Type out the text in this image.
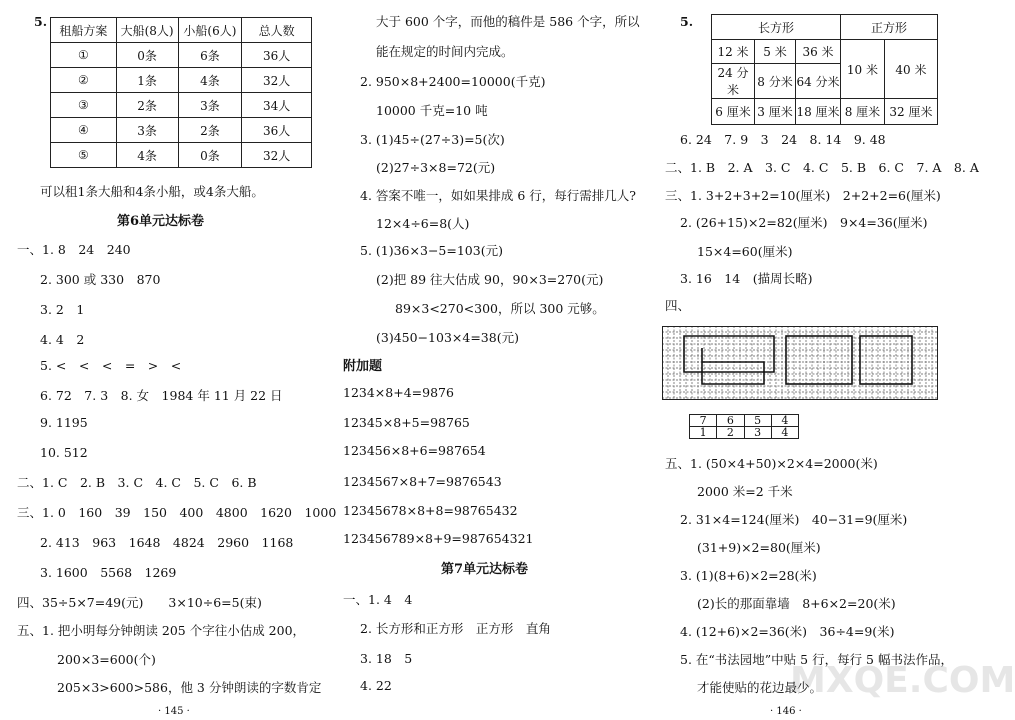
MXQE.COM
5.
租船方案	大船(8人)	小船(6人)	总人数
①	0条	6条	36人
②	1条	4条	32人
③	2条	3条	34人
④	3条	2条	36人
⑤	4条	0条	32人
可以租1条大船和4条小船，或4条大船。
第6单元达标卷
一、1. 8　24　240
2. 300 或 330　870
3. 2　1
4. 4　2
5. <　<　<　=　>　<
6. 72　7. 3　8. 女　1984 年 11 月 22 日
9. 1195
10. 512
二、1. C　2. B　3. C　4. C　5. C　6. B
三、1. 0　160　39　150　400　4800　1620　1000
2. 413　963　1648　4824　2960　1168
3. 1600　5568　1269
四、35÷5×7=49(元)　　3×10÷6=5(束)
五、1. 把小明每分钟朗读 205 个字往小估成 200，
200×3=600(个)
205×3>600>586，他 3 分钟朗读的字数肯定
· 145 ·
大于 600 个字，而他的稿件是 586 个字，所以
能在规定的时间内完成。
2. 950×8+2400=10000(千克)
10000 千克=10 吨
3. (1)45÷(27÷3)=5(次)
(2)27÷3×8=72(元)
4. 答案不唯一，如如果排成 6 行，每行需排几人?
12×4÷6=8(人)
5. (1)36×3−5=103(元)
(2)把 89 往大估成 90，90×3=270(元)
89×3<270<300，所以 300 元够。
(3)450−103×4=38(元)
附加题
1234×8+4=9876
12345×8+5=98765
123456×8+6=987654
1234567×8+7=9876543
12345678×8+8=98765432
123456789×8+9=987654321
第7单元达标卷
一、1. 4　4
2. 长方形和正方形　正方形　直角
3. 18　5
4. 22
5.	长方形			正方形	
12 米	5 米	36 米	10 米	40 米
24 分米	8 分米	64 分米		
6 厘米	3 厘米	18 厘米	8 厘米	32 厘米
6. 24　7. 9　3　24　8. 14　9. 48
二、1. B　2. A　3. C　4. C　5. B　6. C　7. A　8. A
三、1. 3+2+3+2=10(厘米)　2+2+2=6(厘米)
2. (26+15)×2=82(厘米)　9×4=36(厘米)
15×4=60(厘米)
3. 16　14　(描周长略)
四、
7	6	5	4
1	2	3	4
五、1. (50×4+50)×2×4=2000(米)
2000 米=2 千米
2. 31×4=124(厘米)　40−31=9(厘米)
(31+9)×2=80(厘米)
3. (1)(8+6)×2=28(米)
(2)长的那面靠墙　8+6×2=20(米)
4. (12+6)×2=36(米)　36÷4=9(米)
5. 在“书法园地”中贴 5 行，每行 5 幅书法作品，
才能使贴的花边最少。
· 146 ·
